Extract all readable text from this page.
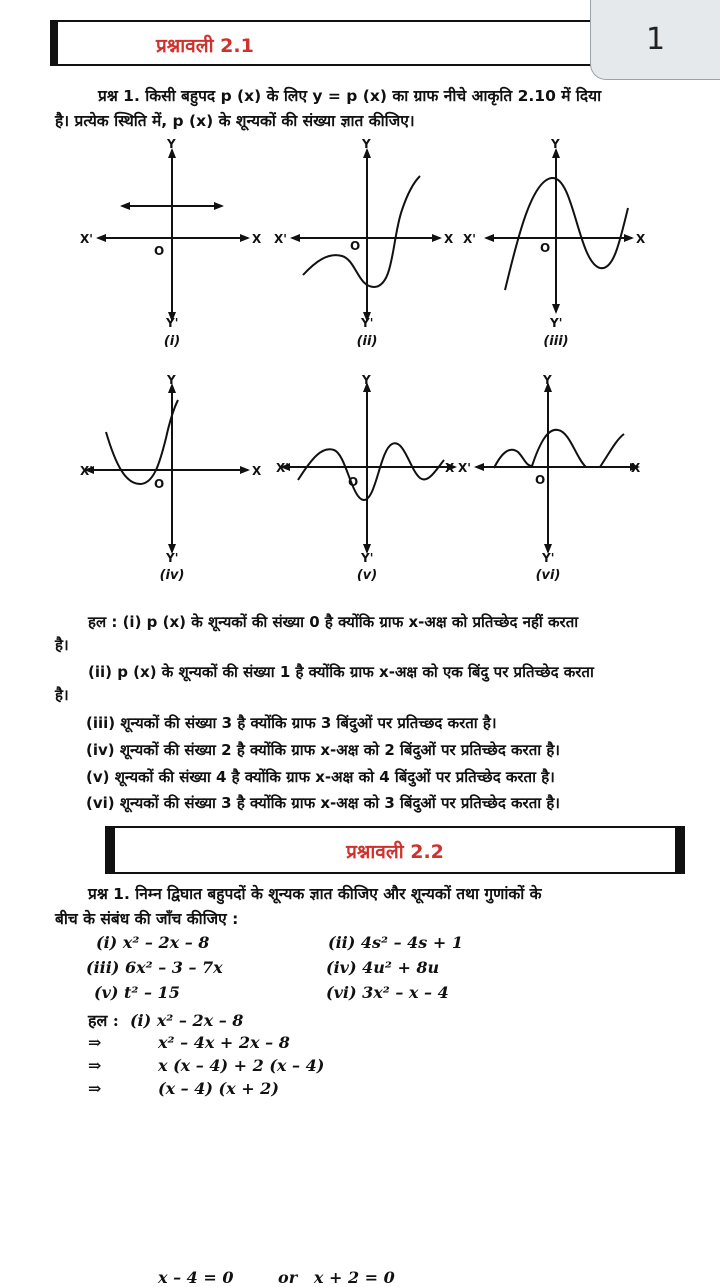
प्रश्नावली 2.1	1
प्रश्न 1. किसी बहुपद p (x) के लिए y = p (x) का ग्राफ नीचे आकृति 2.10 में दिया
है। प्रत्येक स्थिति में, p (x) के शून्यकों की संख्या ज्ञात कीजिए।
X'	X
Y
Y'
O
X'	X
Y
Y'
O	X'	X
Y
Y'
O
X'	X
Y
Y'
O
X'	X
Y
Y'
O
X'	X
Y
Y'
O
(i)	(ii)	(iii)
(iv)	(v)	(vi)
हल : (i) p (x) के शून्यकों की संख्या 0 है क्योंकि ग्राफ x-अक्ष को प्रतिच्छेद नहीं करता
है।
(ii) p (x) के शून्यकों की संख्या 1 है क्योंकि ग्राफ x-अक्ष को एक बिंदु पर प्रतिच्छेद करता
है।
(iii) शून्यकों की संख्या 3 है क्योंकि ग्राफ 3 बिंदुओं पर प्रतिच्छद करता है।
(iv) शून्यकों की संख्या 2 है क्योंकि ग्राफ x-अक्ष को 2 बिंदुओं पर प्रतिच्छेद करता है।
(v) शून्यकों की संख्या 4 है क्योंकि ग्राफ x-अक्ष को 4 बिंदुओं पर प्रतिच्छेद करता है।
(vi) शून्यकों की संख्या 3 है क्योंकि ग्राफ x-अक्ष को 3 बिंदुओं पर प्रतिच्छेद करता है।
प्रश्नावली 2.2
प्रश्न 1. निम्न द्विघात बहुपदों के शून्यक ज्ञात कीजिए और शून्यकों तथा गुणांकों के
बीच के संबंध की जाँच कीजिए :
(i) x² – 2x – 8	(ii) 4s² – 4s + 1
(iii) 6x² – 3 – 7x	(iv) 4u² + 8u
(v) t² – 15	(vi) 3x² – x – 4
हल : (i) x² – 2x – 8
⇒	x² – 4x + 2x – 8
⇒	x (x – 4) + 2 (x – 4)
⇒	(x – 4) (x + 2)
x – 4 = 0        or   x + 2 = 0
